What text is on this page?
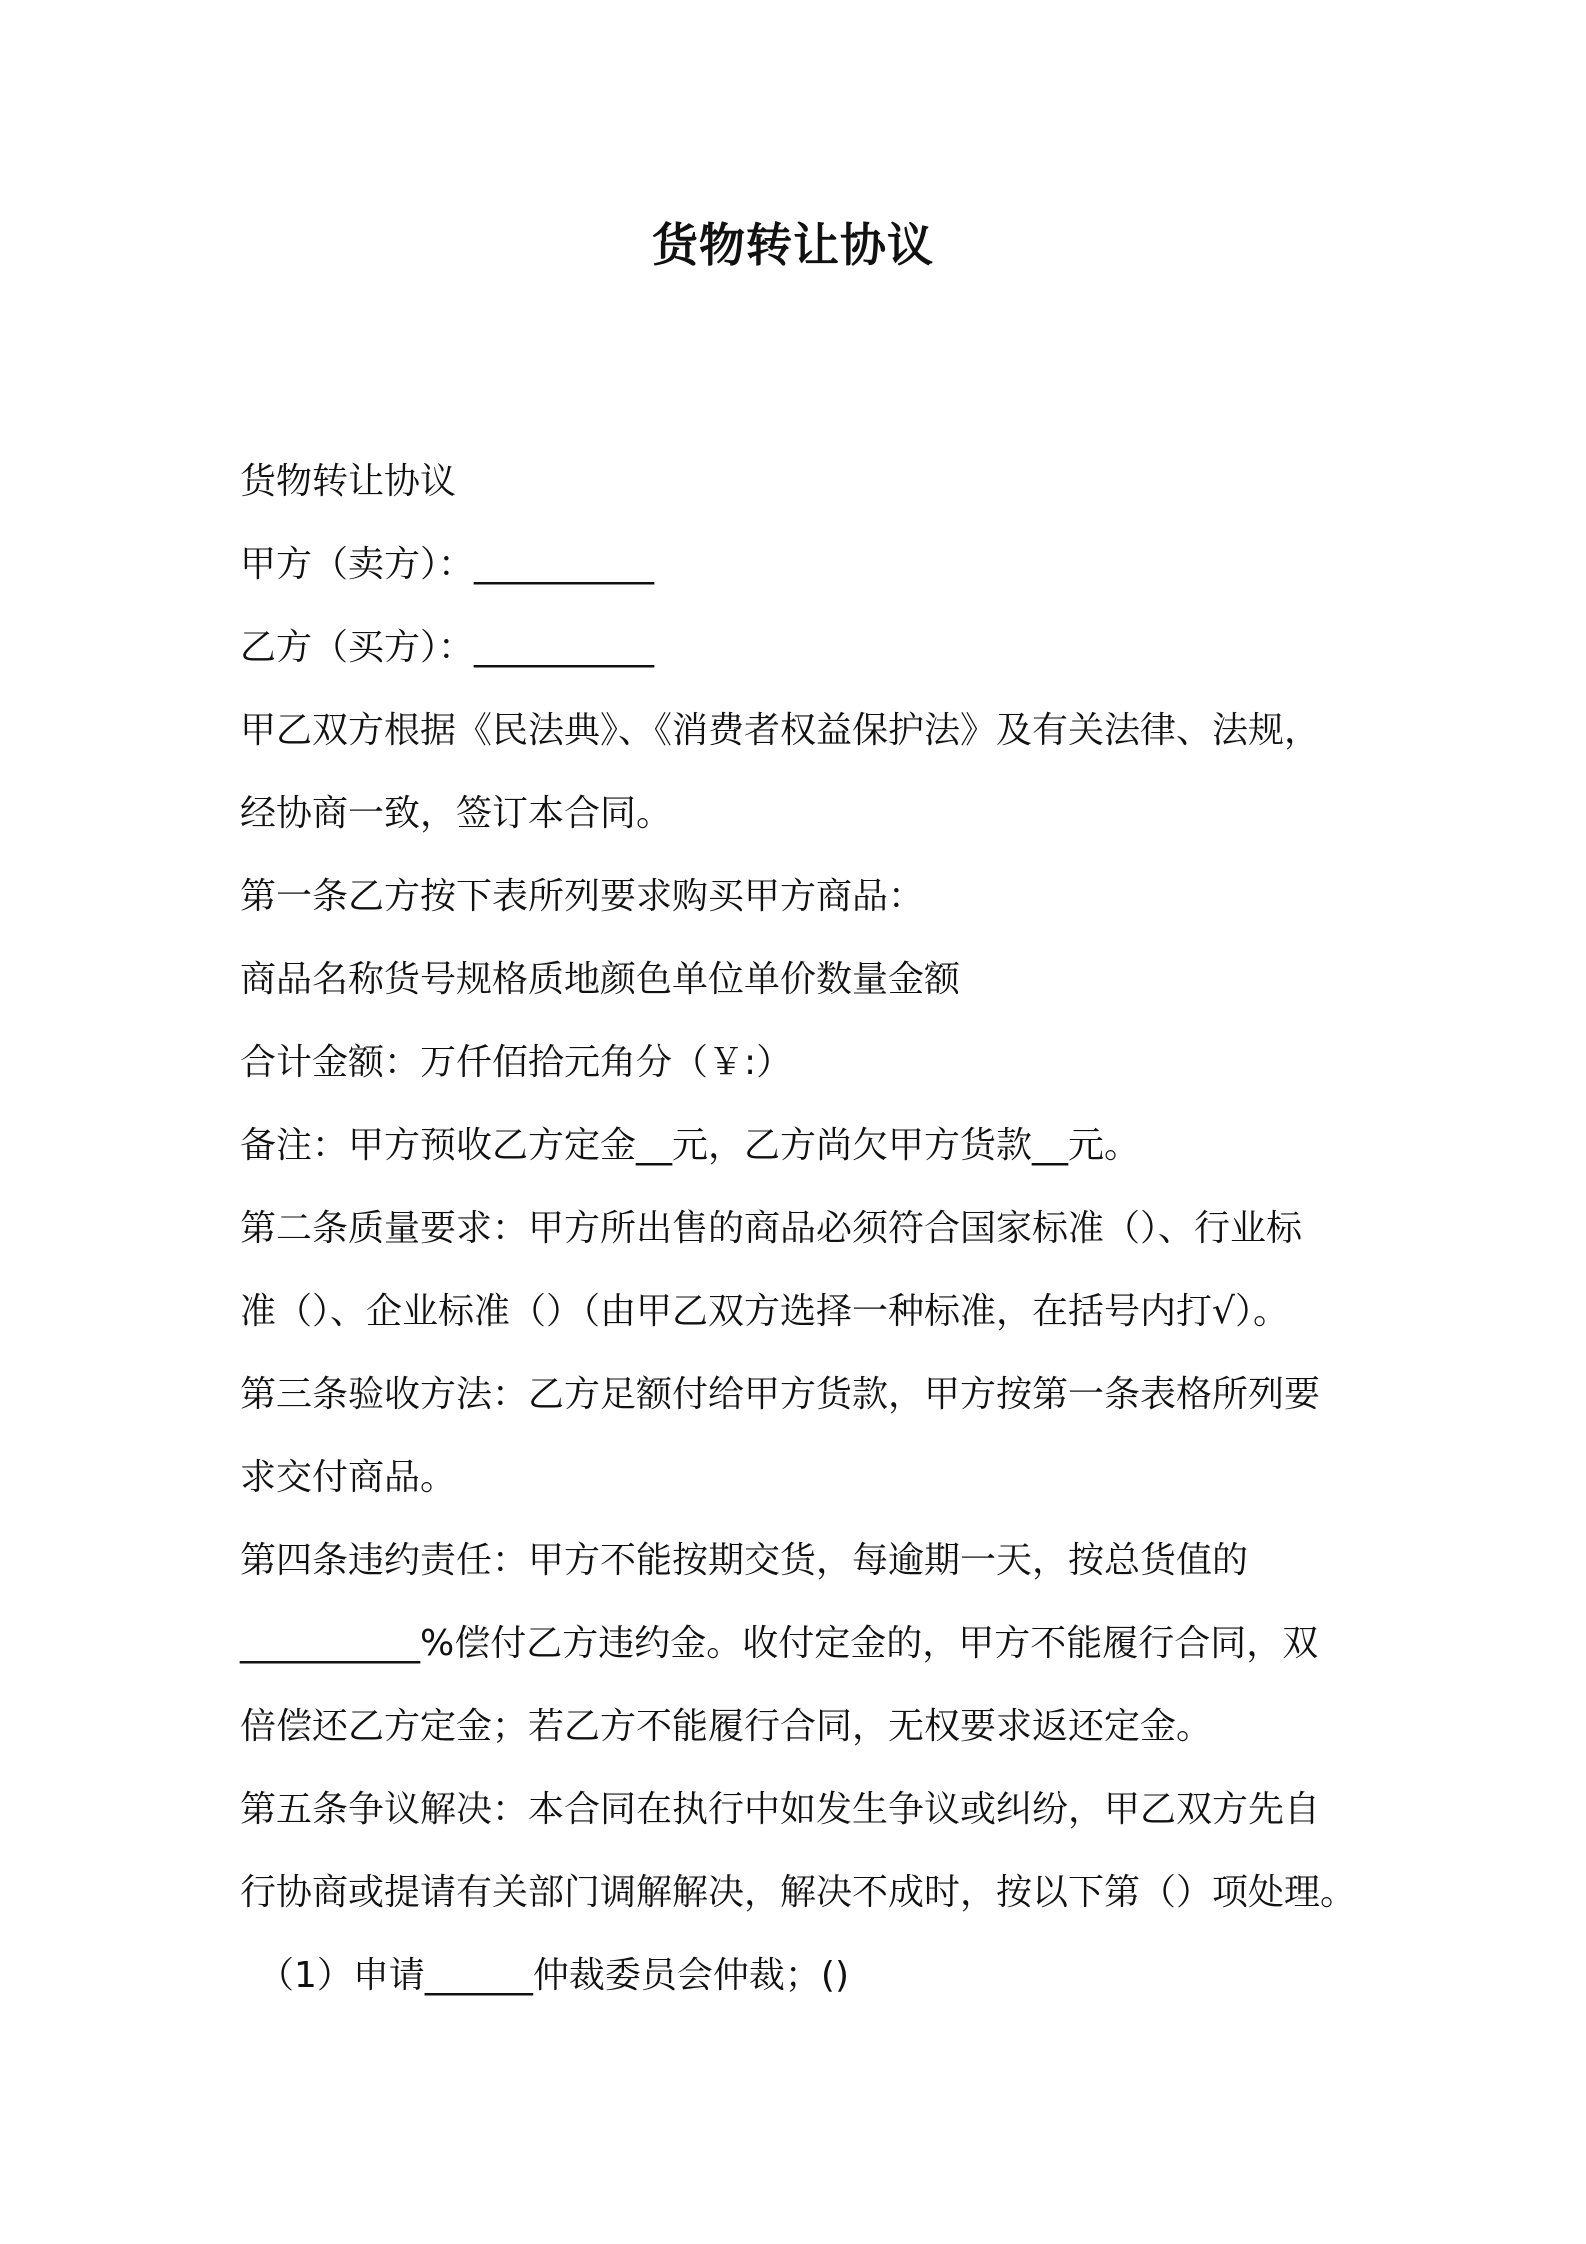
货物转让协议
货物转让协议
甲方（卖方）：__________
乙方（买方）：__________
甲乙双方根据《民法典》、《消费者权益保护法》及有关法律、法规，
经协商一致，签订本合同。
第一条乙方按下表所列要求购买甲方商品：
商品名称货号规格质地颜色单位单价数量金额
合计金额：万仟佰拾元角分（￥:）
备注：甲方预收乙方定金__元，乙方尚欠甲方货款__元。
第二条质量要求：甲方所出售的商品必须符合国家标准（）、行业标
准（）、企业标准（）（由甲乙双方选择一种标准，在括号内打√）。
第三条验收方法：乙方足额付给甲方货款，甲方按第一条表格所列要
求交付商品。
第四条违约责任：甲方不能按期交货，每逾期一天，按总货值的
__________%偿付乙方违约金。收付定金的，甲方不能履行合同，双
倍偿还乙方定金；若乙方不能履行合同，无权要求返还定金。
第五条争议解决：本合同在执行中如发生争议或纠纷，甲乙双方先自
行协商或提请有关部门调解解决，解决不成时，按以下第（）项处理。
（1）申请______仲裁委员会仲裁；()
